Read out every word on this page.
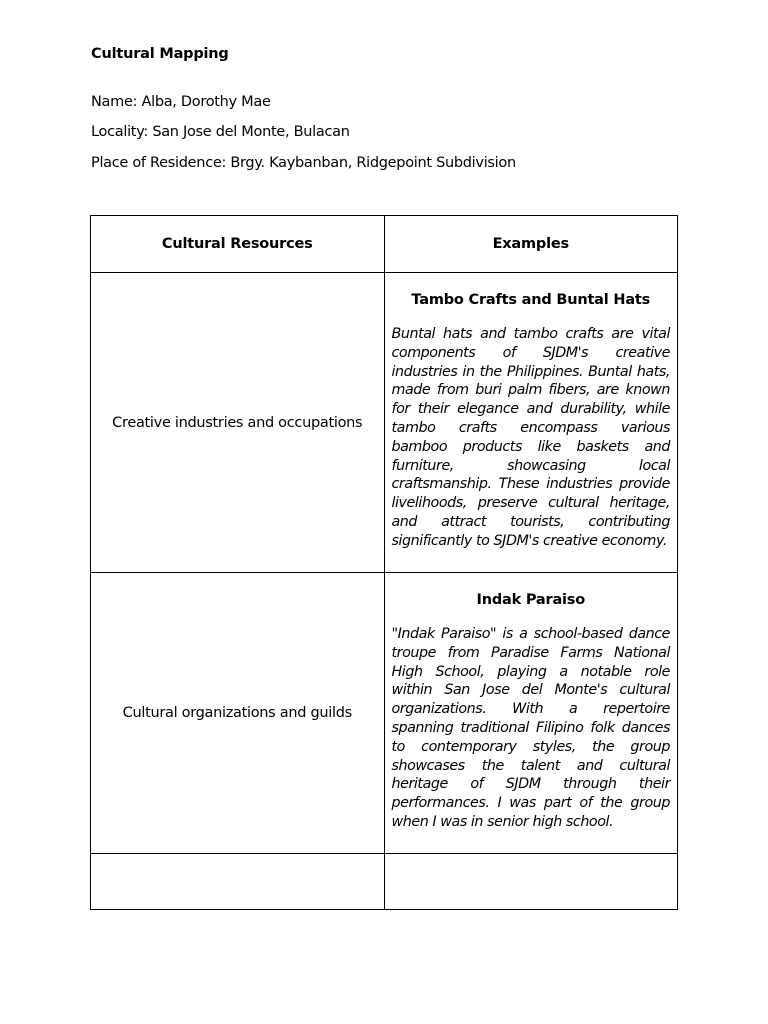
Cultural Mapping
Name: Alba, Dorothy Mae
Locality: San Jose del Monte, Bulacan
Place of Residence: Brgy. Kaybanban, Ridgepoint Subdivision
Cultural Resources	Examples
Creative industries and occupations	Tambo Crafts and Buntal Hats

Buntal hats and tambo crafts are vital components of SJDM's creative industries in the Philippines. Buntal hats, made from buri palm fibers, are known for their elegance and durability, while tambo crafts encompass various bamboo products like baskets and furniture, showcasing local craftsmanship. These industries provide livelihoods, preserve cultural heritage, and attract tourists, contributing significantly to SJDM's creative economy.

Cultural organizations and guilds	Indak Paraiso

"Indak Paraiso" is a school-based dance troupe from Paradise Farms National High School, playing a notable role within San Jose del Monte's cultural organizations. With a repertoire spanning traditional Filipino folk dances to contemporary styles, the group showcases the talent and cultural heritage of SJDM through their performances. I was part of the group when I was in senior high school.
